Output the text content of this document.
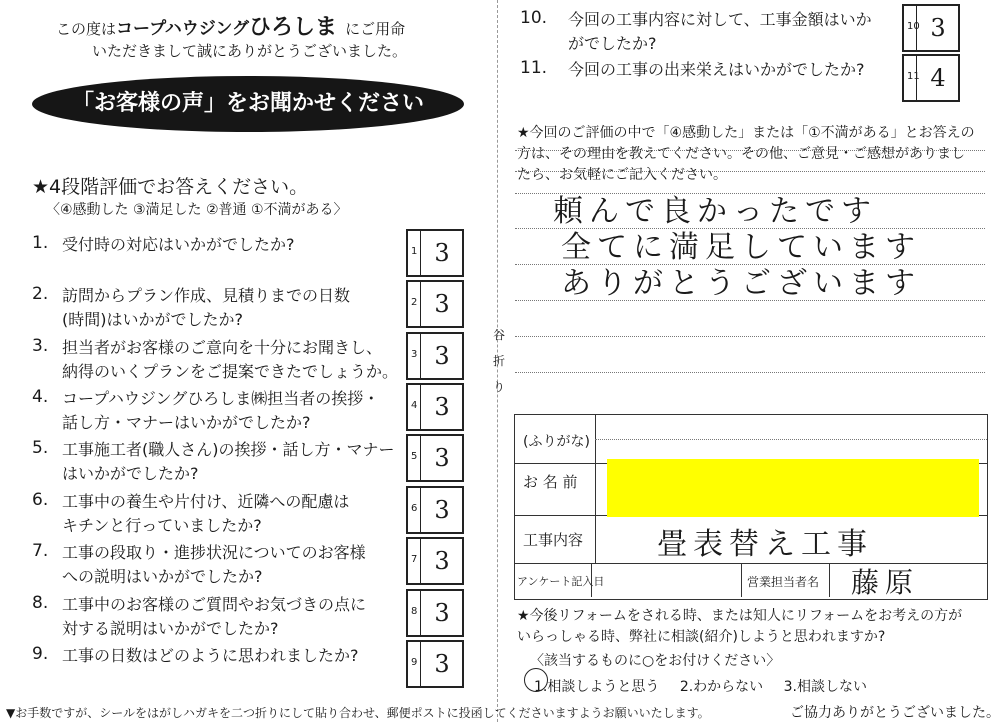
谷
折
り
この度はコープハウジングひろしま にご用命
いただきまして誠にありがとうございました。
「お客様の声」をお聞かせください
★4段階評価でお答えください。
〈④感動した ③満足した ②普通 ①不満がある〉
1. 受付時の対応はいかがでしたか?	1 3
2. 訪問からプラン作成、見積りまでの日数
(時間)はいかがでしたか?
2 3
3. 担当者がお客様のご意向を十分にお聞きし、
納得のいくプランをご提案できたでしょうか。
3 3
4. コープハウジングひろしま㈱担当者の挨拶・
話し方・マナーはいかがでしたか?
4 3
5. 工事施工者(職人さん)の挨拶・話し方・マナー
はいかがでしたか?
5 3
6. 工事中の養生や片付け、近隣への配慮は
キチンと行っていましたか?
6 3
7. 工事の段取り・進捗状況についてのお客様
への説明はいかがでしたか?
7 3
8. 工事中のお客様のご質問やお気づきの点に
対する説明はいかがでしたか?
8 3
9. 工事の日数はどのように思われましたか?	9 3
10. 今回の工事内容に対して、工事金額はいか
がでしたか?
10 3
11. 今回の工事の出来栄えはいかがでしたか?	11 4
★今回のご評価の中で「④感動した」または「①不満がある」とお答えの
方は、その理由を教えてください。その他、ご意見・ご感想がありまし
たら、お気軽にご記入ください。
頼んで良かったです
全てに満足しています
ありがとうございます
(ふりがな)
お 名 前
工事内容 畳表替え工事
アンケート記入日	営業担当者名 藤原
★今後リフォームをされる時、または知人にリフォームをお考えの方が
いらっしゃる時、弊社に相談(紹介)しようと思われますか?
〈該当するものに○をお付けください〉
1.相談しようと思う 2.わからない 3.相談しない
▼お手数ですが、シールをはがしハガキを二つ折りにして貼り合わせ、郵便ポストに投函してくださいますようお願いいたします。	ご協力ありがとうございました。
